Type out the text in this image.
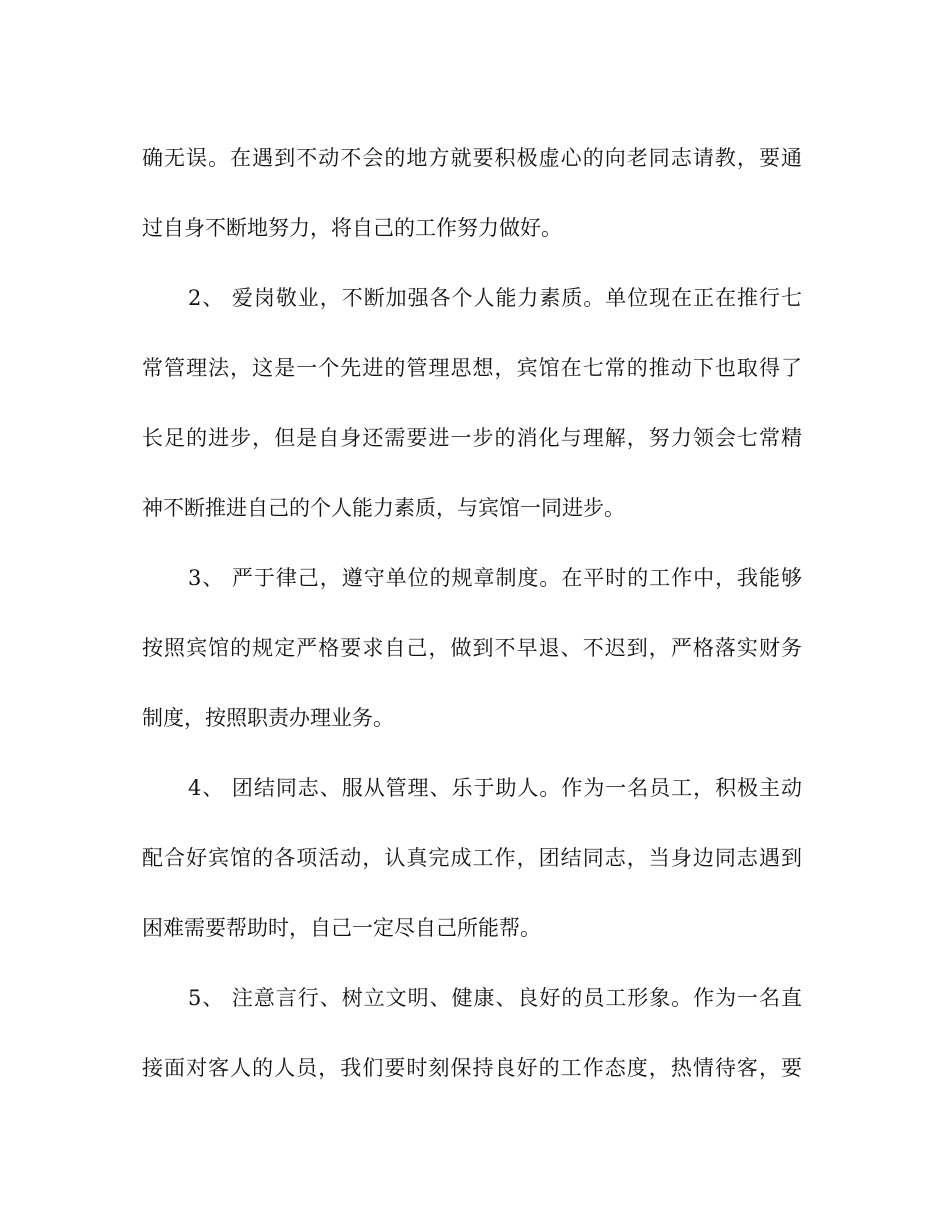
确无误。在遇到不动不会的地方就要积极虚心的向老同志请教，要通
过自身不断地努力，将自己的工作努力做好。
2、 爱岗敬业，不断加强各个人能力素质。单位现在正在推行七
常管理法，这是一个先进的管理思想，宾馆在七常的推动下也取得了
长足的进步，但是自身还需要进一步的消化与理解，努力领会七常精
神不断推进自己的个人能力素质，与宾馆一同进步。
3、 严于律己，遵守单位的规章制度。在平时的工作中，我能够
按照宾馆的规定严格要求自己，做到不早退、不迟到，严格落实财务
制度，按照职责办理业务。
4、 团结同志、服从管理、乐于助人。作为一名员工，积极主动
配合好宾馆的各项活动，认真完成工作，团结同志，当身边同志遇到
困难需要帮助时，自己一定尽自己所能帮。
5、 注意言行、树立文明、健康、良好的员工形象。作为一名直
接面对客人的人员，我们要时刻保持良好的工作态度，热情待客，要
